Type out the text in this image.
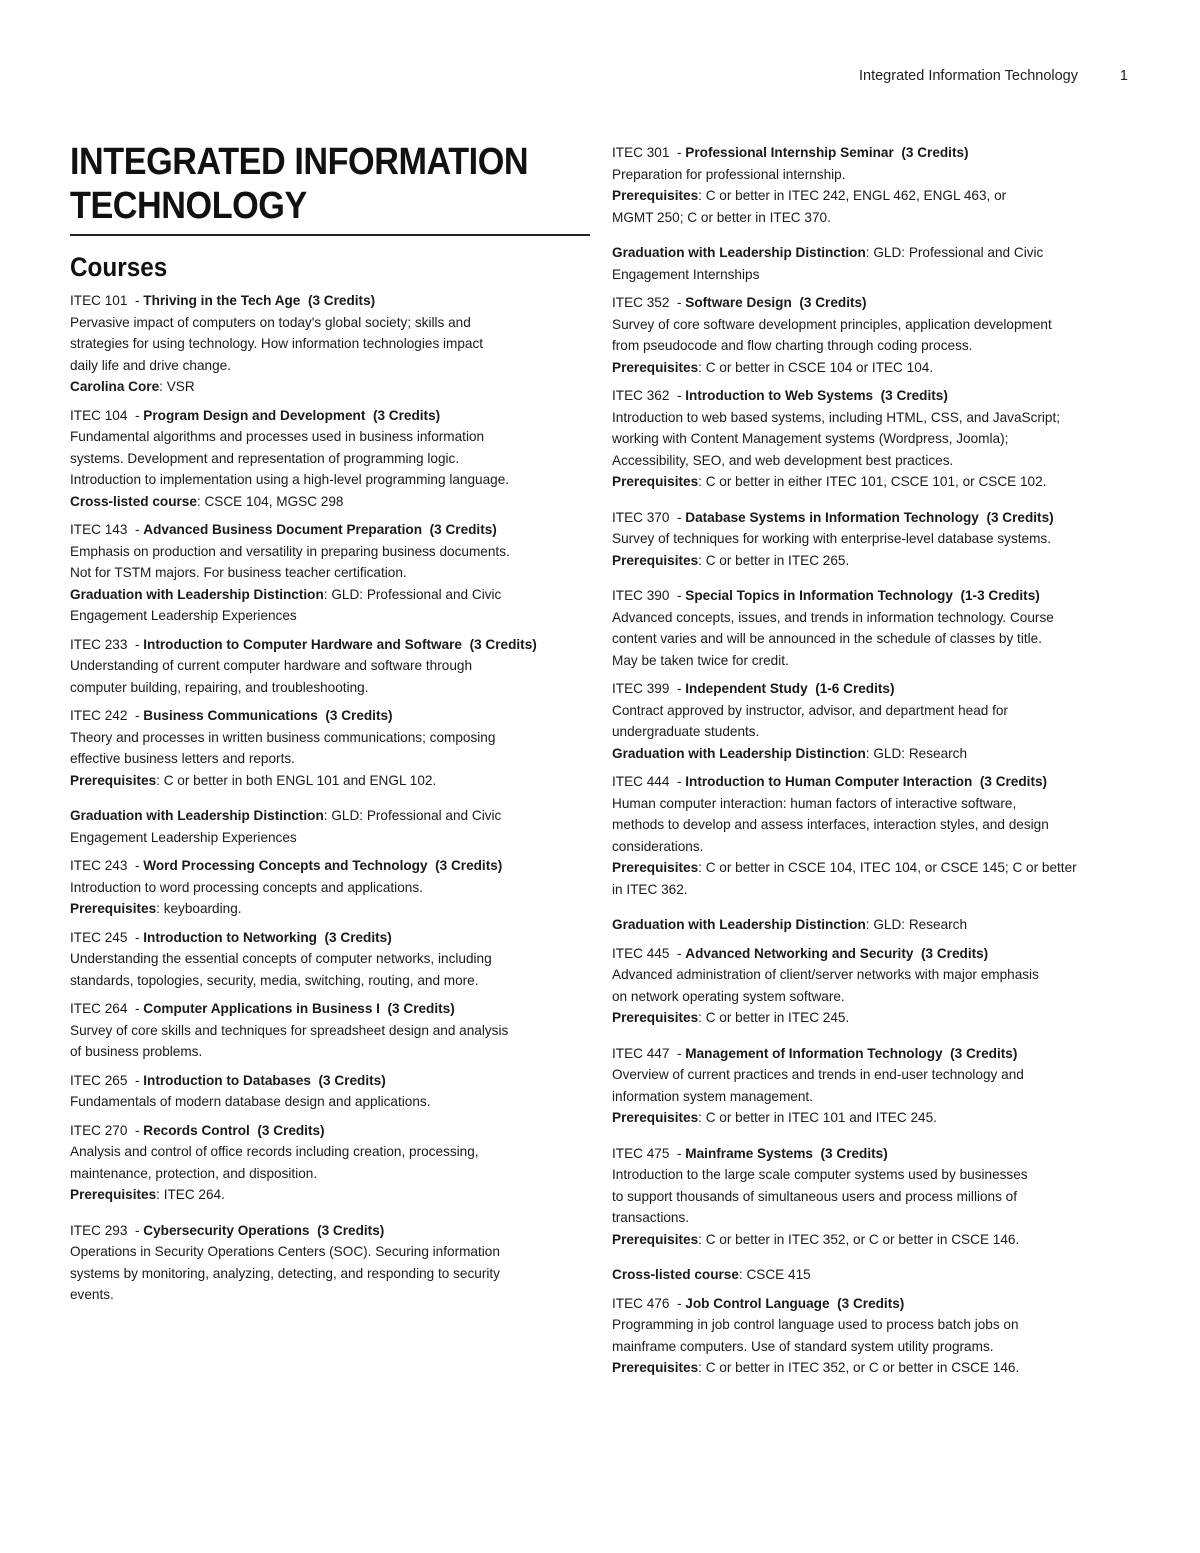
Integrated Information Technology	1
INTEGRATED INFORMATION
TECHNOLOGY
Courses
ITEC 101  - Thriving in the Tech Age (3 Credits)
Pervasive impact of computers on today's global society; skills and
strategies for using technology. How information technologies impact
daily life and drive change.
Carolina Core: VSR
ITEC 104  - Program Design and Development (3 Credits)
Fundamental algorithms and processes used in business information
systems. Development and representation of programming logic.
Introduction to implementation using a high-level programming language.
Cross-listed course: CSCE 104, MGSC 298
ITEC 143  - Advanced Business Document Preparation (3 Credits)
Emphasis on production and versatility in preparing business documents.
Not for TSTM majors. For business teacher certification.
Graduation with Leadership Distinction: GLD: Professional and Civic
Engagement Leadership Experiences
ITEC 233  - Introduction to Computer Hardware and Software (3 Credits)
Understanding of current computer hardware and software through
computer building, repairing, and troubleshooting.
ITEC 242  - Business Communications (3 Credits)
Theory and processes in written business communications; composing
effective business letters and reports.
Prerequisites: C or better in both ENGL 101 and ENGL 102.
Graduation with Leadership Distinction: GLD: Professional and Civic
Engagement Leadership Experiences
ITEC 243  - Word Processing Concepts and Technology (3 Credits)
Introduction to word processing concepts and applications.
Prerequisites: keyboarding.
ITEC 245  - Introduction to Networking (3 Credits)
Understanding the essential concepts of computer networks, including
standards, topologies, security, media, switching, routing, and more.
ITEC 264  - Computer Applications in Business I (3 Credits)
Survey of core skills and techniques for spreadsheet design and analysis
of business problems.
ITEC 265  - Introduction to Databases (3 Credits)
Fundamentals of modern database design and applications.
ITEC 270  - Records Control (3 Credits)
Analysis and control of office records including creation, processing,
maintenance, protection, and disposition.
Prerequisites: ITEC 264.
ITEC 293  - Cybersecurity Operations (3 Credits)
Operations in Security Operations Centers (SOC). Securing information
systems by monitoring, analyzing, detecting, and responding to security
events.
ITEC 301  - Professional Internship Seminar (3 Credits)
Preparation for professional internship.
Prerequisites: C or better in ITEC 242, ENGL 462, ENGL 463, or
MGMT 250; C or better in ITEC 370.
Graduation with Leadership Distinction: GLD: Professional and Civic
Engagement Internships
ITEC 352  - Software Design (3 Credits)
Survey of core software development principles, application development
from pseudocode and flow charting through coding process.
Prerequisites: C or better in CSCE 104 or ITEC 104.
ITEC 362  - Introduction to Web Systems (3 Credits)
Introduction to web based systems, including HTML, CSS, and JavaScript;
working with Content Management systems (Wordpress, Joomla);
Accessibility, SEO, and web development best practices.
Prerequisites: C or better in either ITEC 101, CSCE 101, or CSCE 102.
ITEC 370  - Database Systems in Information Technology (3 Credits)
Survey of techniques for working with enterprise-level database systems.
Prerequisites: C or better in ITEC 265.
ITEC 390  - Special Topics in Information Technology (1-3 Credits)
Advanced concepts, issues, and trends in information technology. Course
content varies and will be announced in the schedule of classes by title.
May be taken twice for credit.
ITEC 399  - Independent Study (1-6 Credits)
Contract approved by instructor, advisor, and department head for
undergraduate students.
Graduation with Leadership Distinction: GLD: Research
ITEC 444  - Introduction to Human Computer Interaction (3 Credits)
Human computer interaction: human factors of interactive software,
methods to develop and assess interfaces, interaction styles, and design
considerations.
Prerequisites: C or better in CSCE 104, ITEC 104, or CSCE 145; C or better
in ITEC 362.
Graduation with Leadership Distinction: GLD: Research
ITEC 445  - Advanced Networking and Security (3 Credits)
Advanced administration of client/server networks with major emphasis
on network operating system software.
Prerequisites: C or better in ITEC 245.
ITEC 447  - Management of Information Technology (3 Credits)
Overview of current practices and trends in end-user technology and
information system management.
Prerequisites: C or better in ITEC 101 and ITEC 245.
ITEC 475  - Mainframe Systems (3 Credits)
Introduction to the large scale computer systems used by businesses
to support thousands of simultaneous users and process millions of
transactions.
Prerequisites: C or better in ITEC 352, or C or better in CSCE 146.
Cross-listed course: CSCE 415
ITEC 476  - Job Control Language (3 Credits)
Programming in job control language used to process batch jobs on
mainframe computers. Use of standard system utility programs.
Prerequisites: C or better in ITEC 352, or C or better in CSCE 146.
